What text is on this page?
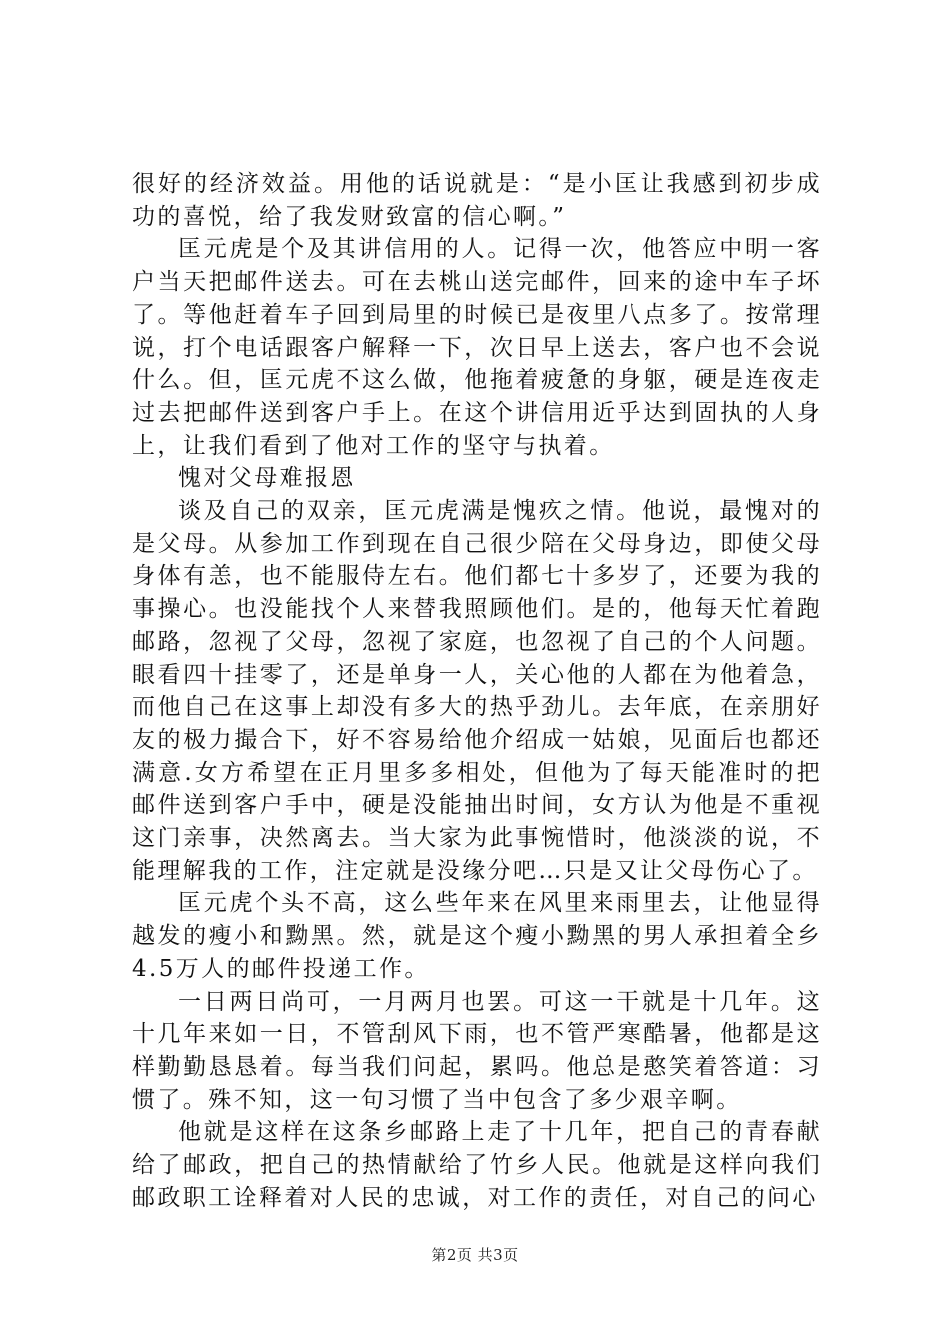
很好的经济效益。用他的话说就是：“是小匡让我感到初步成功的喜悦，给了我发财致富的信心啊。”

匡元虎是个及其讲信用的人。记得一次，他答应中明一客户当天把邮件送去。可在去桃山送完邮件，回来的途中车子坏了。等他赶着车子回到局里的时候已是夜里八点多了。按常理说，打个电话跟客户解释一下，次日早上送去，客户也不会说什么。但，匡元虎不这么做，他拖着疲惫的身躯，硬是连夜走过去把邮件送到客户手上。在这个讲信用近乎达到固执的人身上，让我们看到了他对工作的坚守与执着。

愧对父母难报恩

谈及自己的双亲，匡元虎满是愧疚之情。他说，最愧对的是父母。从参加工作到现在自己很少陪在父母身边，即使父母身体有恙，也不能服侍左右。他们都七十多岁了，还要为我的事操心。也没能找个人来替我照顾他们。是的，他每天忙着跑邮路，忽视了父母，忽视了家庭，也忽视了自己的个人问题。眼看四十挂零了，还是单身一人，关心他的人都在为他着急，而他自己在这事上却没有多大的热乎劲儿。去年底，在亲朋好友的极力撮合下，好不容易给他介绍成一姑娘，见面后也都还满意.女方希望在正月里多多相处，但他为了每天能准时的把邮件送到客户手中，硬是没能抽出时间，女方认为他是不重视这门亲事，决然离去。当大家为此事惋惜时，他淡淡的说，不能理解我的工作，注定就是没缘分吧…只是又让父母伤心了。

匡元虎个头不高，这么些年来在风里来雨里去，让他显得越发的瘦小和黝黑。然，就是这个瘦小黝黑的男人承担着全乡4.5万人的邮件投递工作。

一日两日尚可，一月两月也罢。可这一干就是十几年。这十几年来如一日，不管刮风下雨，也不管严寒酷暑，他都是这样勤勤恳恳着。每当我们问起，累吗。他总是憨笑着答道：习惯了。殊不知，这一句习惯了当中包含了多少艰辛啊。

他就是这样在这条乡邮路上走了十几年，把自己的青春献给了邮政，把自己的热情献给了竹乡人民。他就是这样向我们邮政职工诠释着对人民的忠诚，对工作的责任，对自己的问心

第2页 共3页
